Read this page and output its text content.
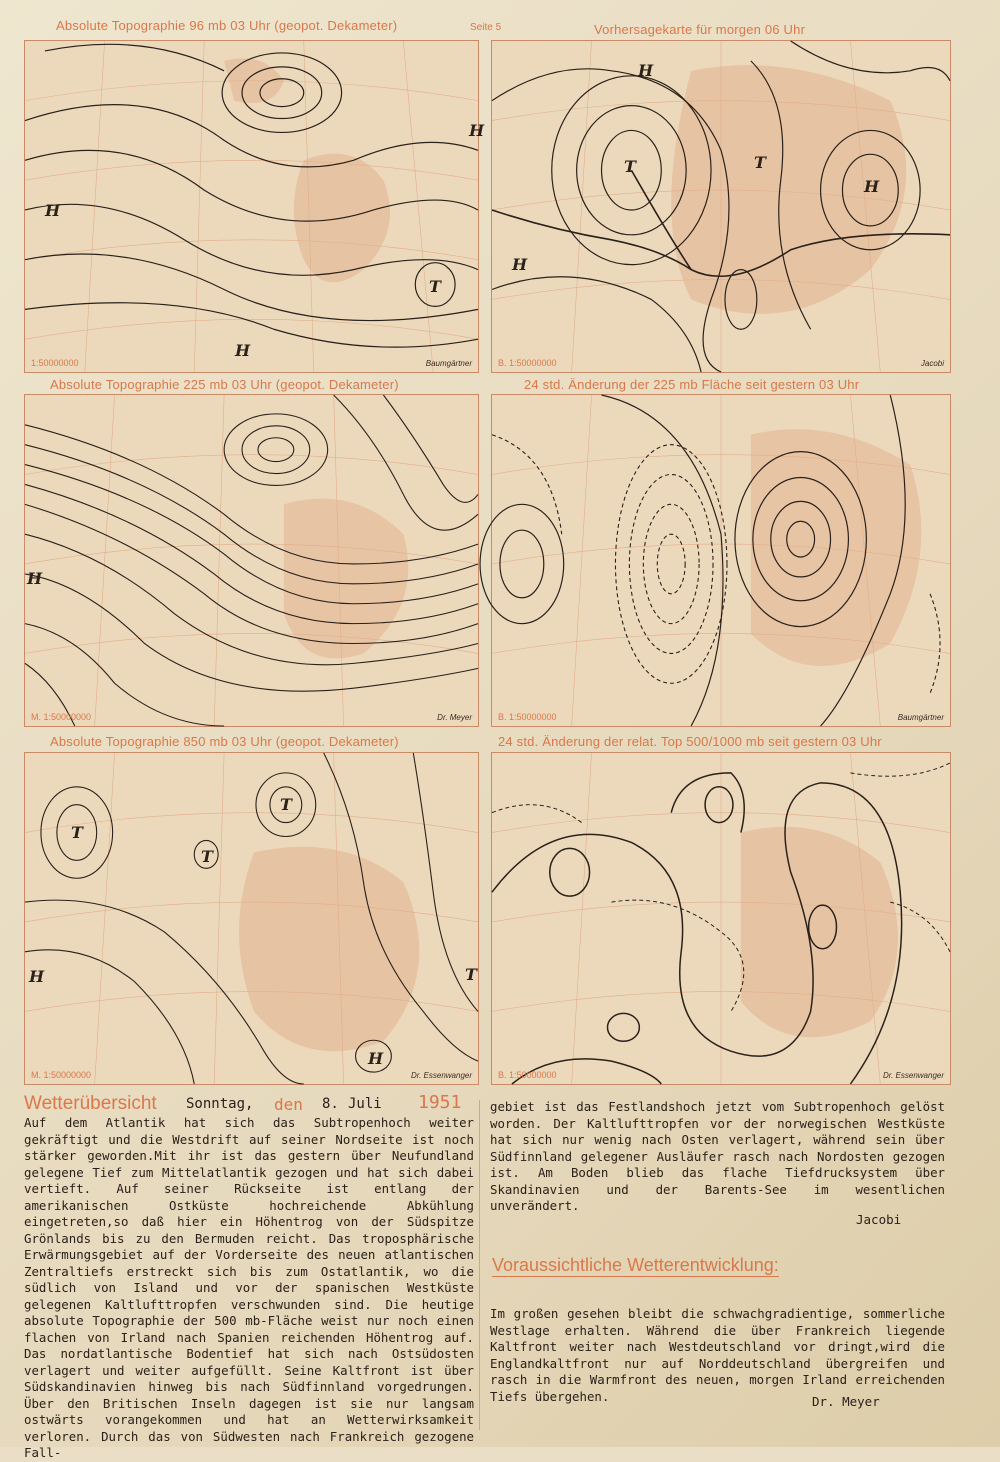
Absolute Topographie 96 mb 03 Uhr (geopot. Dekameter)	Seite 5	Vorhersagekarte für morgen 06 Uhr
H
H
H
T
1:50000000	Baumgärtner
H
T	T
H
H
B. 1:50000000	Jacobi
Absolute Topographie 225 mb 03 Uhr (geopot. Dekameter)	24 std. Änderung der 225 mb Fläche seit gestern 03 Uhr
H
M. 1:50000000	Dr. Meyer	B. 1:50000000	Baumgärtner
Absolute Topographie 850 mb 03 Uhr (geopot. Dekameter)	24 std. Änderung der relat. Top 500/1000 mb seit gestern 03 Uhr
T
T
T
H
H
T
M. 1:50000000	Dr. Essenwanger	B. 1:50000000	Dr. Essenwanger
Wetterübersicht Sonntag, den 8. Juli 1951

Auf dem Atlantik hat sich das Subtropenhoch weiter gekräftigt und die Westdrift auf seiner Nordseite ist noch stärker geworden.Mit ihr ist das gestern über Neufundland gelegene Tief zum Mittelatlantik gezogen und hat sich dabei vertieft. Auf seiner Rückseite ist entlang der amerikanischen Ostküste hochreichende Abkühlung eingetreten,so daß hier ein Höhentrog von der Südspitze Grönlands bis zu den Bermuden reicht. Das troposphärische Erwärmungsgebiet auf der Vorderseite des neuen atlantischen Zentraltiefs erstreckt sich bis zum Ostatlantik, wo die südlich von Island und vor der spanischen Westküste gelegenen Kaltlufttropfen verschwunden sind. Die heutige absolute Topographie der 500 mb-Fläche weist nur noch einen flachen von Irland nach Spanien reichenden Höhentrog auf. Das nordatlantische Bodentief hat sich nach Ostsüdosten verlagert und weiter aufgefüllt. Seine Kaltfront ist über Südskandinavien hinweg bis nach Südfinnland vorgedrungen. Über den Britischen Inseln dagegen ist sie nur langsam ostwärts vorangekommen und hat an Wetterwirksamkeit verloren. Durch das von Südwesten nach Frankreich gezogene Fall-

gebiet ist das Festlandshoch jetzt vom Subtropenhoch gelöst worden. Der Kaltlufttropfen vor der norwegischen Westküste hat sich nur wenig nach Osten verlagert, während sein über Südfinnland gelegener Ausläufer rasch nach Nordosten gezogen ist. Am Boden blieb das flache Tiefdrucksystem über Skandinavien und der Barents-See im wesentlichen unverändert.

Jacobi
Voraussichtliche Wetterentwicklung:

Im großen gesehen bleibt die schwachgradientige, sommerliche Westlage erhalten. Während die über Frankreich liegende Kaltfront weiter nach Westdeutschland vor dringt,wird die Englandkaltfront nur auf Norddeutschland übergreifen und rasch in die Warmfront des neuen, morgen Irland erreichenden Tiefs übergehen.	Dr. Meyer
